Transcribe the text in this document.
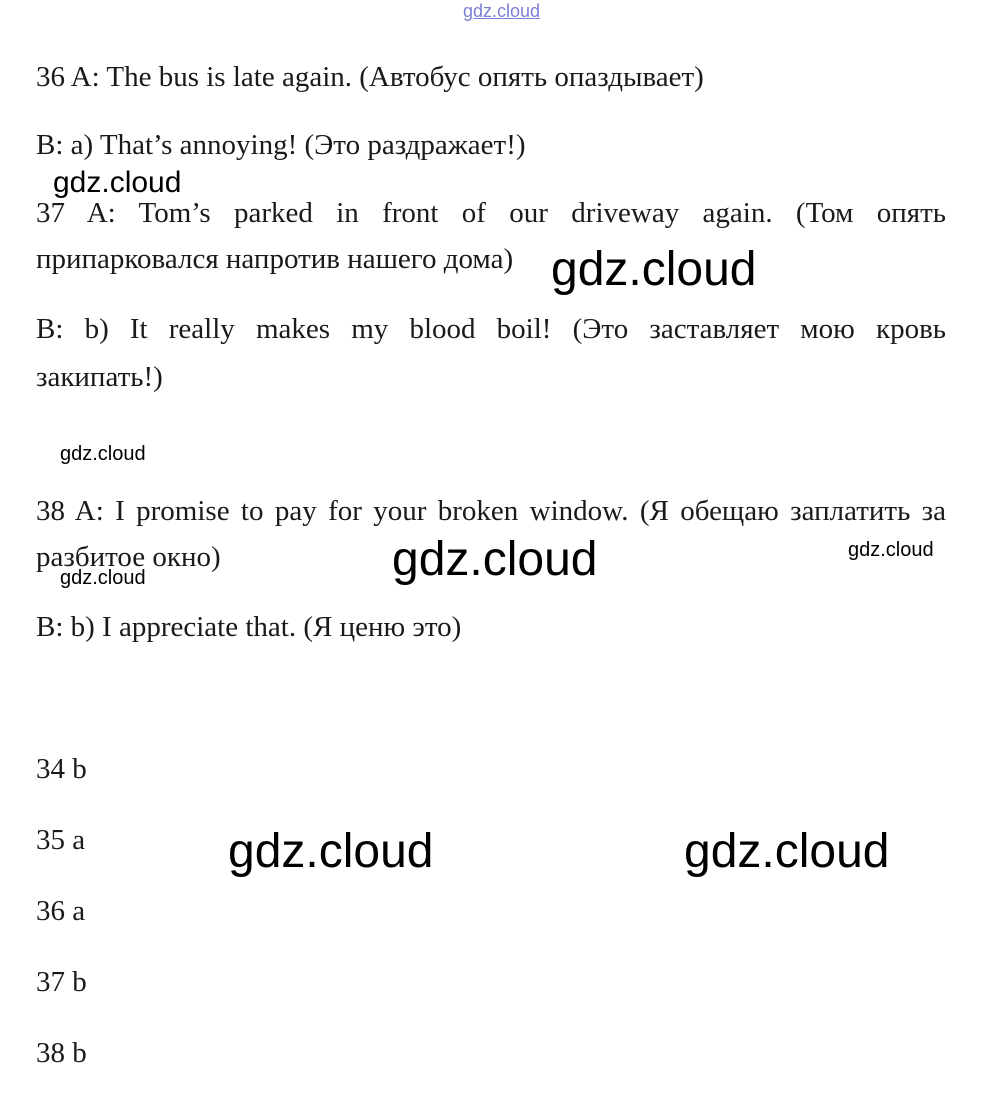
gdz.cloud
gdz.cloud
gdz.cloud
gdz.cloud
gdz.cloud	gdz.cloud
gdz.cloud
gdz.cloud	gdz.cloud
36 A: The bus is late again. (Автобус опять опаздывает)
B: a) That’s annoying! (Это раздражает!)
37 A: Tom’s parked in front of our driveway again. (Том опять
припарковался напротив нашего дома)
B: b) It really makes my blood boil! (Это заставляет мою кровь
закипать!)
38 A: I promise to pay for your broken window. (Я обещаю заплатить за
разбитое окно)
B: b) I appreciate that. (Я ценю это)
34 b
35 a
36 a
37 b
38 b
